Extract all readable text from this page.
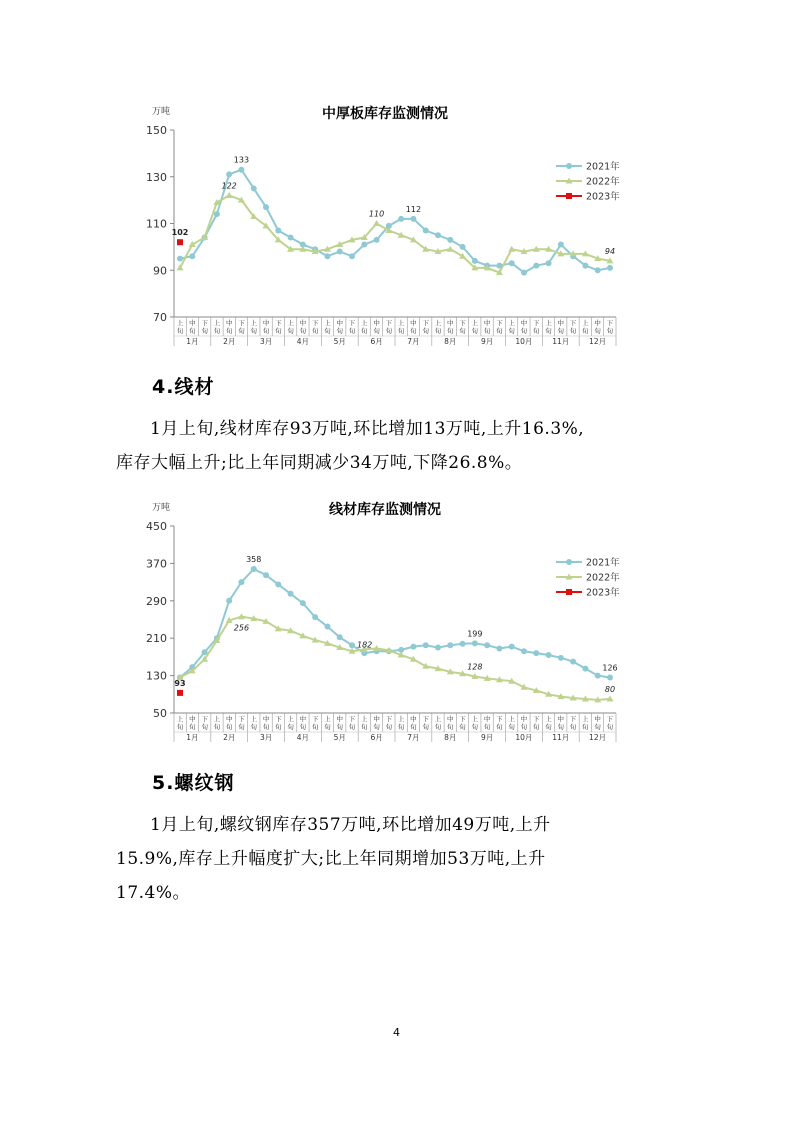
中厚板库存监测情况
万吨
70
90
110
130
150
上
旬
中
旬
下
旬
上
旬
中
旬
下
旬
上
旬
中
旬
下
旬
上
旬
中
旬
下
旬
上
旬
中
旬
下
旬
上
旬
中
旬
下
旬
上
旬
中
旬
下
旬
上
旬
中
旬
下
旬
上
旬
中
旬
下
旬
上
旬
中
旬
下
旬
上
旬
中
旬
下
旬
上
旬
中
旬
下
旬
1月	2月	3月	4月	5月	6月	7月	8月	9月	10月	11月	12月
133
122
110
112
94
102
2021年
2022年
2023年
4.线材
1月上旬,线材库存93万吨,环比增加13万吨,上升16.3%,
库存大幅上升;比上年同期减少34万吨,下降26.8%。
线材库存监测情况
万吨
50
130
210
290
370
450
上
旬
中
旬
下
旬
上
旬
中
旬
下
旬
上
旬
中
旬
下
旬
上
旬
中
旬
下
旬
上
旬
中
旬
下
旬
上
旬
中
旬
下
旬
上
旬
中
旬
下
旬
上
旬
中
旬
下
旬
上
旬
中
旬
下
旬
上
旬
中
旬
下
旬
上
旬
中
旬
下
旬
上
旬
中
旬
下
旬
1月	2月	3月	4月	5月	6月	7月	8月	9月	10月	11月	12月
358
256
182
199
128	126
80
93
2021年
2022年
2023年
5.螺纹钢
1月上旬,螺纹钢库存357万吨,环比增加49万吨,上升
15.9%,库存上升幅度扩大;比上年同期增加53万吨,上升
17.4%。
4
